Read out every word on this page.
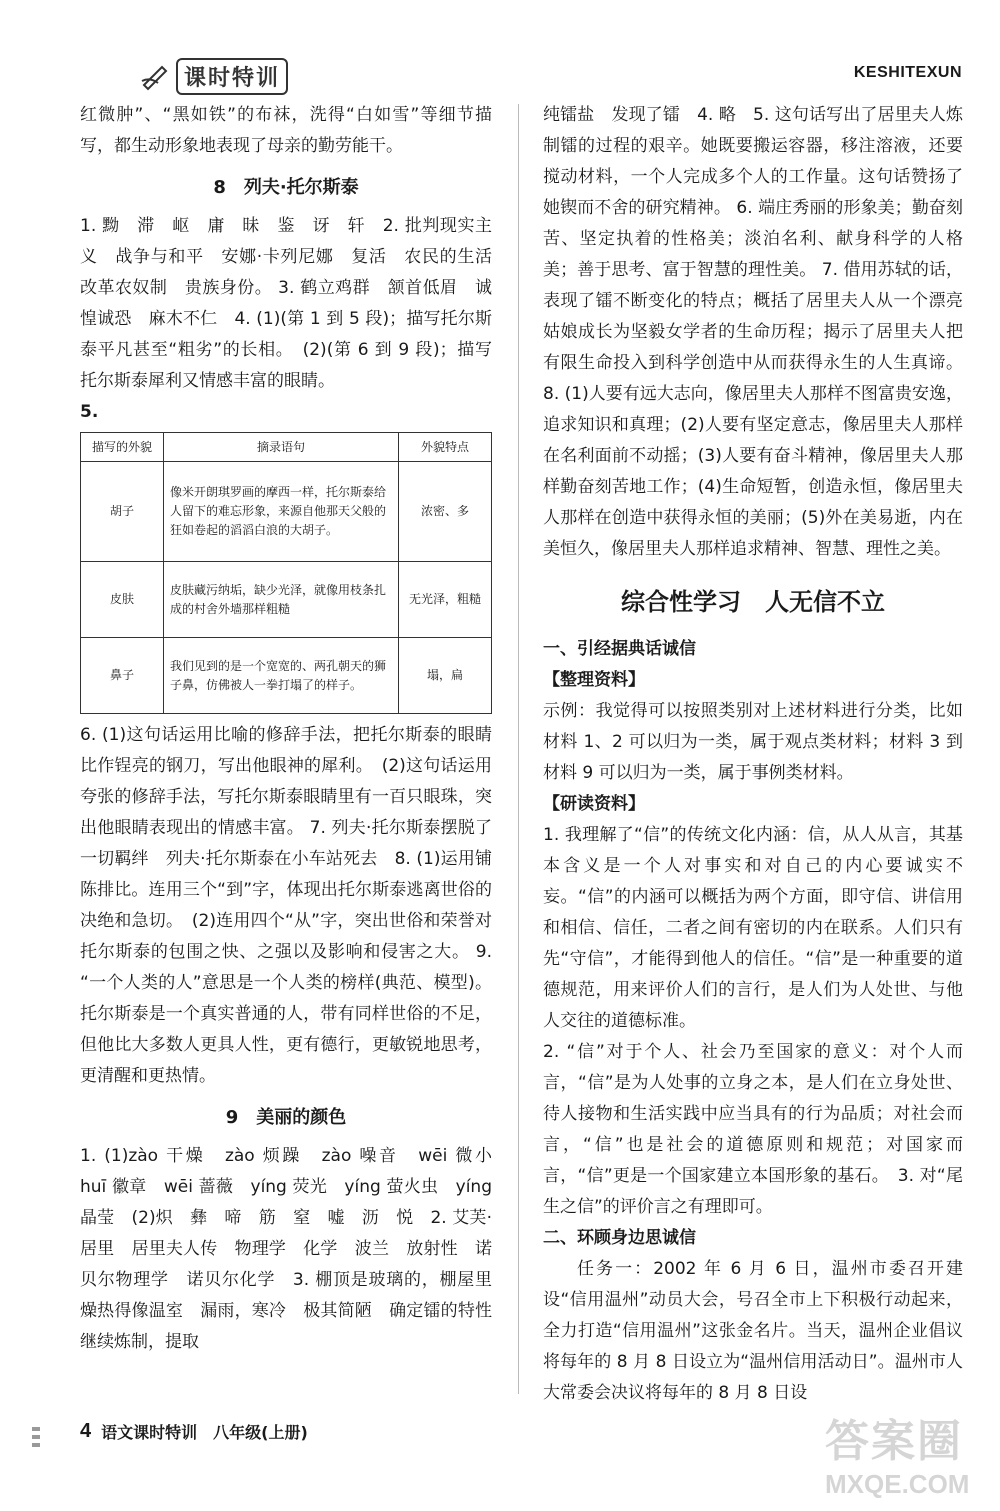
课时特训	KESHITEXUN

红微肿”、“黑如铁”的布袜，洗得“白如雪”等细节描写，都生动形象地表现了母亲的勤劳能干。

8　列夫·托尔斯泰

1. 黝　滞　岖　庸　昧　鉴　讶　轩　2. 批判现实主义　战争与和平　安娜·卡列尼娜　复活　农民的生活　改革农奴制　贵族身份。 3. 鹤立鸡群　颔首低眉　诚惶诚恐　麻木不仁　4. (1)(第 1 到 5 段)；描写托尔斯泰平凡甚至“粗劣”的长相。　(2)(第 6 到 9 段)；描写托尔斯泰犀利又情感丰富的眼睛。

5.

描写的外貌	摘录语句	外貌特点
胡子	像米开朗琪罗画的摩西一样，托尔斯泰给人留下的难忘形象，来源自他那天父般的狂如卷起的滔滔白浪的大胡子。	浓密、多
皮肤	皮肤藏污纳垢，缺少光泽，就像用枝条扎成的村舍外墙那样粗糙	无光泽，粗糙
鼻子	我们见到的是一个宽宽的、两孔朝天的狮子鼻，仿佛被人一拳打塌了的样子。	塌，扁

6. (1)这句话运用比喻的修辞手法，把托尔斯泰的眼睛比作锃亮的钢刀，写出他眼神的犀利。　(2)这句话运用夸张的修辞手法，写托尔斯泰眼睛里有一百只眼珠，突出他眼睛表现出的情感丰富。 7. 列夫·托尔斯泰摆脱了一切羁绊　列夫·托尔斯泰在小车站死去　8. (1)运用铺陈排比。连用三个“到”字，体现出托尔斯泰逃离世俗的决绝和急切。　(2)连用四个“从”字，突出世俗和荣誉对托尔斯泰的包围之快、之强以及影响和侵害之大。 9. “一个人类的人”意思是一个人类的榜样(典范、模型)。托尔斯泰是一个真实普通的人，带有同样世俗的不足，但他比大多数人更具人性，更有德行，更敏锐地思考，更清醒和更热情。

9　美丽的颜色

1. (1)zào 干燥　zào 烦躁　zào 噪音　wēi 微小　huī 徽章　wēi 蔷薇　yíng 荧光　yíng 萤火虫　yíng 晶莹　(2)炽　彝　啼　筋　窒　嘘　沥　悦　2. 艾芙·居里　居里夫人传　物理学　化学　波兰　放射性　诺贝尔物理学　诺贝尔化学　3. 棚顶是玻璃的，棚屋里燥热得像温室　漏雨，寒冷　极其简陋　确定镭的特性　继续炼制，提取

纯镭盐　发现了镭　4. 略　5. 这句话写出了居里夫人炼制镭的过程的艰辛。她既要搬运容器，移注溶液，还要搅动材料，一个人完成多个人的工作量。这句话赞扬了她锲而不舍的研究精神。 6. 端庄秀丽的形象美；勤奋刻苦、坚定执着的性格美；淡泊名利、献身科学的人格美；善于思考、富于智慧的理性美。 7. 借用苏轼的话，表现了镭不断变化的特点；概括了居里夫人从一个漂亮姑娘成长为坚毅女学者的生命历程；揭示了居里夫人把有限生命投入到科学创造中从而获得永生的人生真谛。 8. (1)人要有远大志向，像居里夫人那样不图富贵安逸，追求知识和真理；(2)人要有坚定意志，像居里夫人那样在名利面前不动摇；(3)人要有奋斗精神，像居里夫人那样勤奋刻苦地工作；(4)生命短暂，创造永恒，像居里夫人那样在创造中获得永恒的美丽；(5)外在美易逝，内在美恒久，像居里夫人那样追求精神、智慧、理性之美。

综合性学习　人无信不立
一、引经据典话诚信
【整理资料】

示例：我觉得可以按照类别对上述材料进行分类，比如材料 1、2 可以归为一类，属于观点类材料；材料 3 到材料 9 可以归为一类，属于事例类材料。

【研读资料】

1. 我理解了“信”的传统文化内涵：信，从人从言，其基本含义是一个人对事实和对自己的内心要诚实不妄。“信”的内涵可以概括为两个方面，即守信、讲信用和相信、信任，二者之间有密切的内在联系。人们只有先“守信”，才能得到他人的信任。“信”是一种重要的道德规范，用来评价人们的言行，是人们为人处世、与他人交往的道德标准。

2. “信”对于个人、社会乃至国家的意义：对个人而言，“信”是为人处事的立身之本，是人们在立身处世、待人接物和生活实践中应当具有的行为品质；对社会而言，“信”也是社会的道德原则和规范；对国家而言，“信”更是一个国家建立本国形象的基石。　3. 对“尾生之信”的评价言之有理即可。

二、环顾身边思诚信

任务一：2002 年 6 月 6 日，温州市委召开建设“信用温州”动员大会，号召全市上下积极行动起来，全力打造“信用温州”这张金名片。当天，温州企业倡议将每年的 8 月 8 日设立为“温州信用活动日”。温州市人大常委会决议将每年的 8 月 8 日设

4 语文课时特训　八年级(上册)	答案圈
MXQE.COM
